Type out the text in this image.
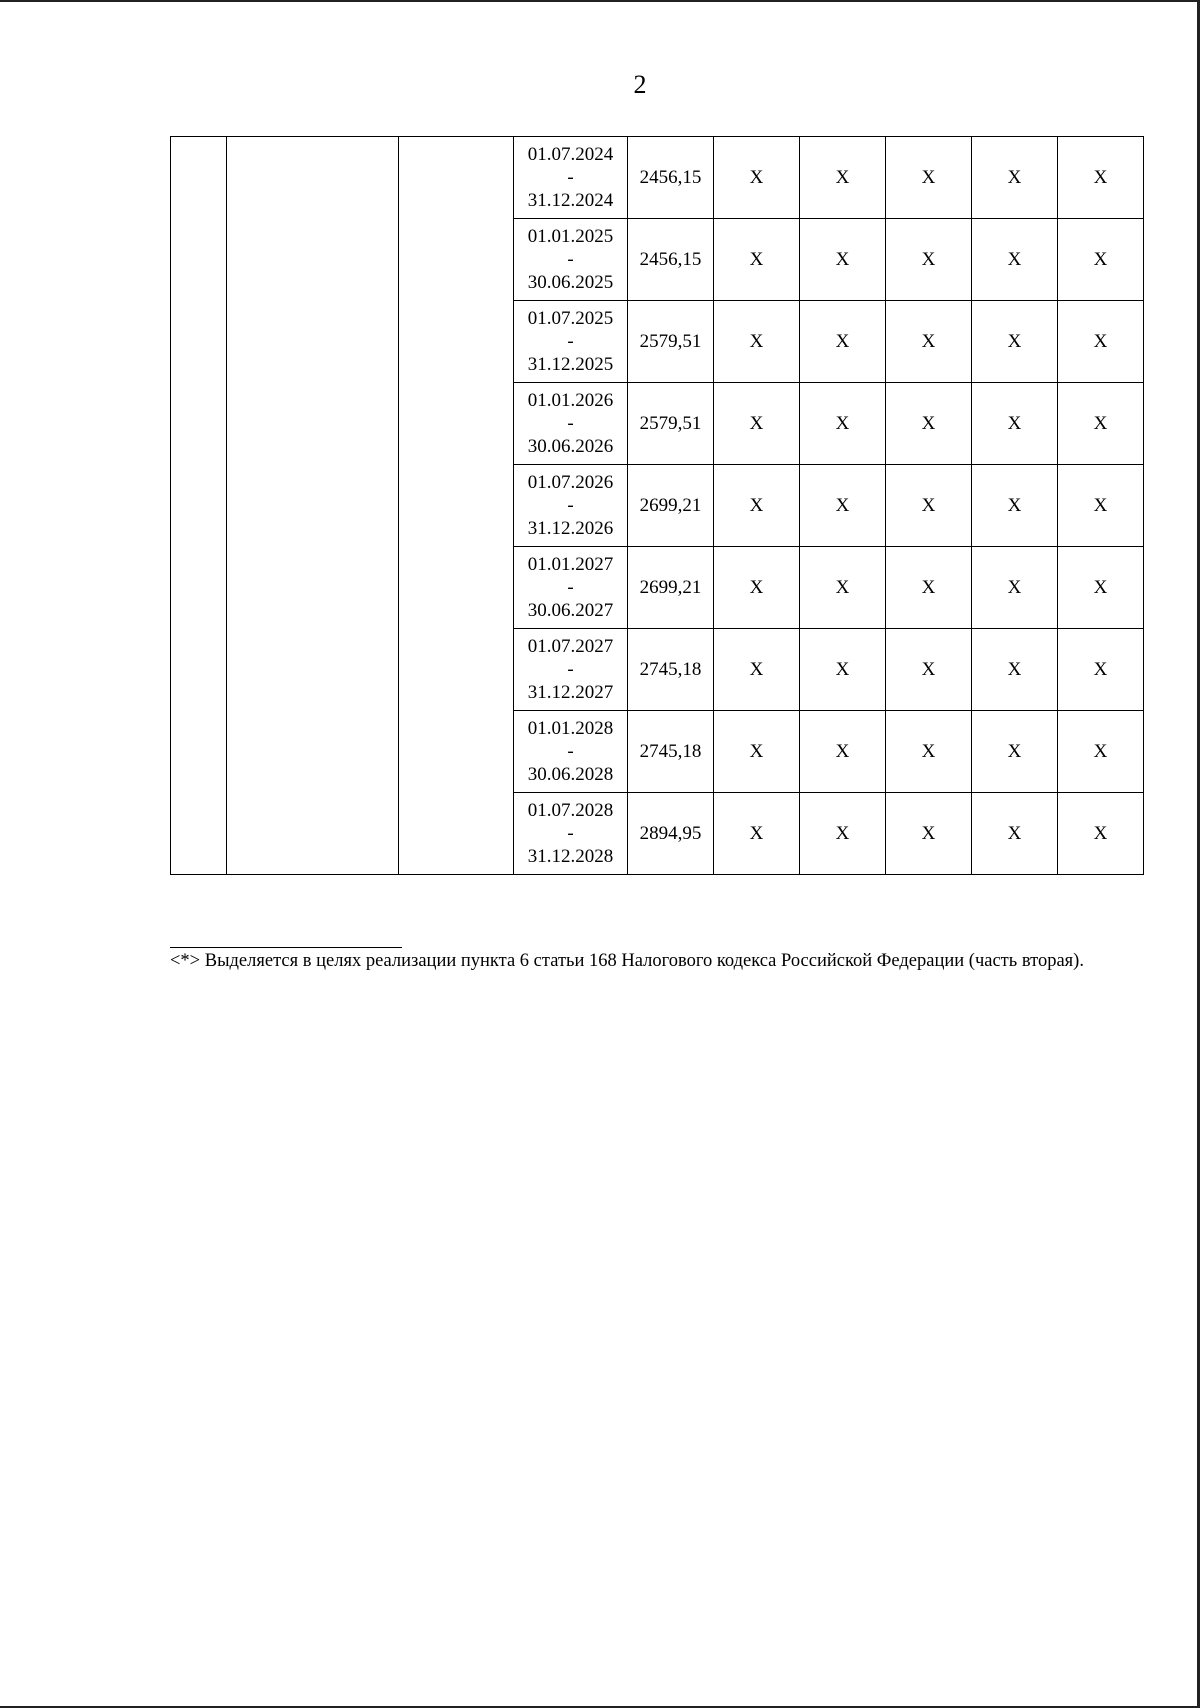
2

			01.07.2024
-
31.12.2024	2456,15	X	X	X	X	X

			01.01.2025
-
30.06.2025	2456,15	X	X	X	X	X

			01.07.2025
-
31.12.2025	2579,51	X	X	X	X	X

			01.01.2026
-
30.06.2026	2579,51	X	X	X	X	X

			01.07.2026
-
31.12.2026	2699,21	X	X	X	X	X

			01.01.2027
-
30.06.2027	2699,21	X	X	X	X	X

			01.07.2027
-
31.12.2027	2745,18	X	X	X	X	X

			01.01.2028
-
30.06.2028	2745,18	X	X	X	X	X

			01.07.2028
-
31.12.2028	2894,95	X	X	X	X	X
<*> Выделяется в целях реализации пункта 6 статьи 168 Налогового кодекса Российской Федерации (часть вторая).
